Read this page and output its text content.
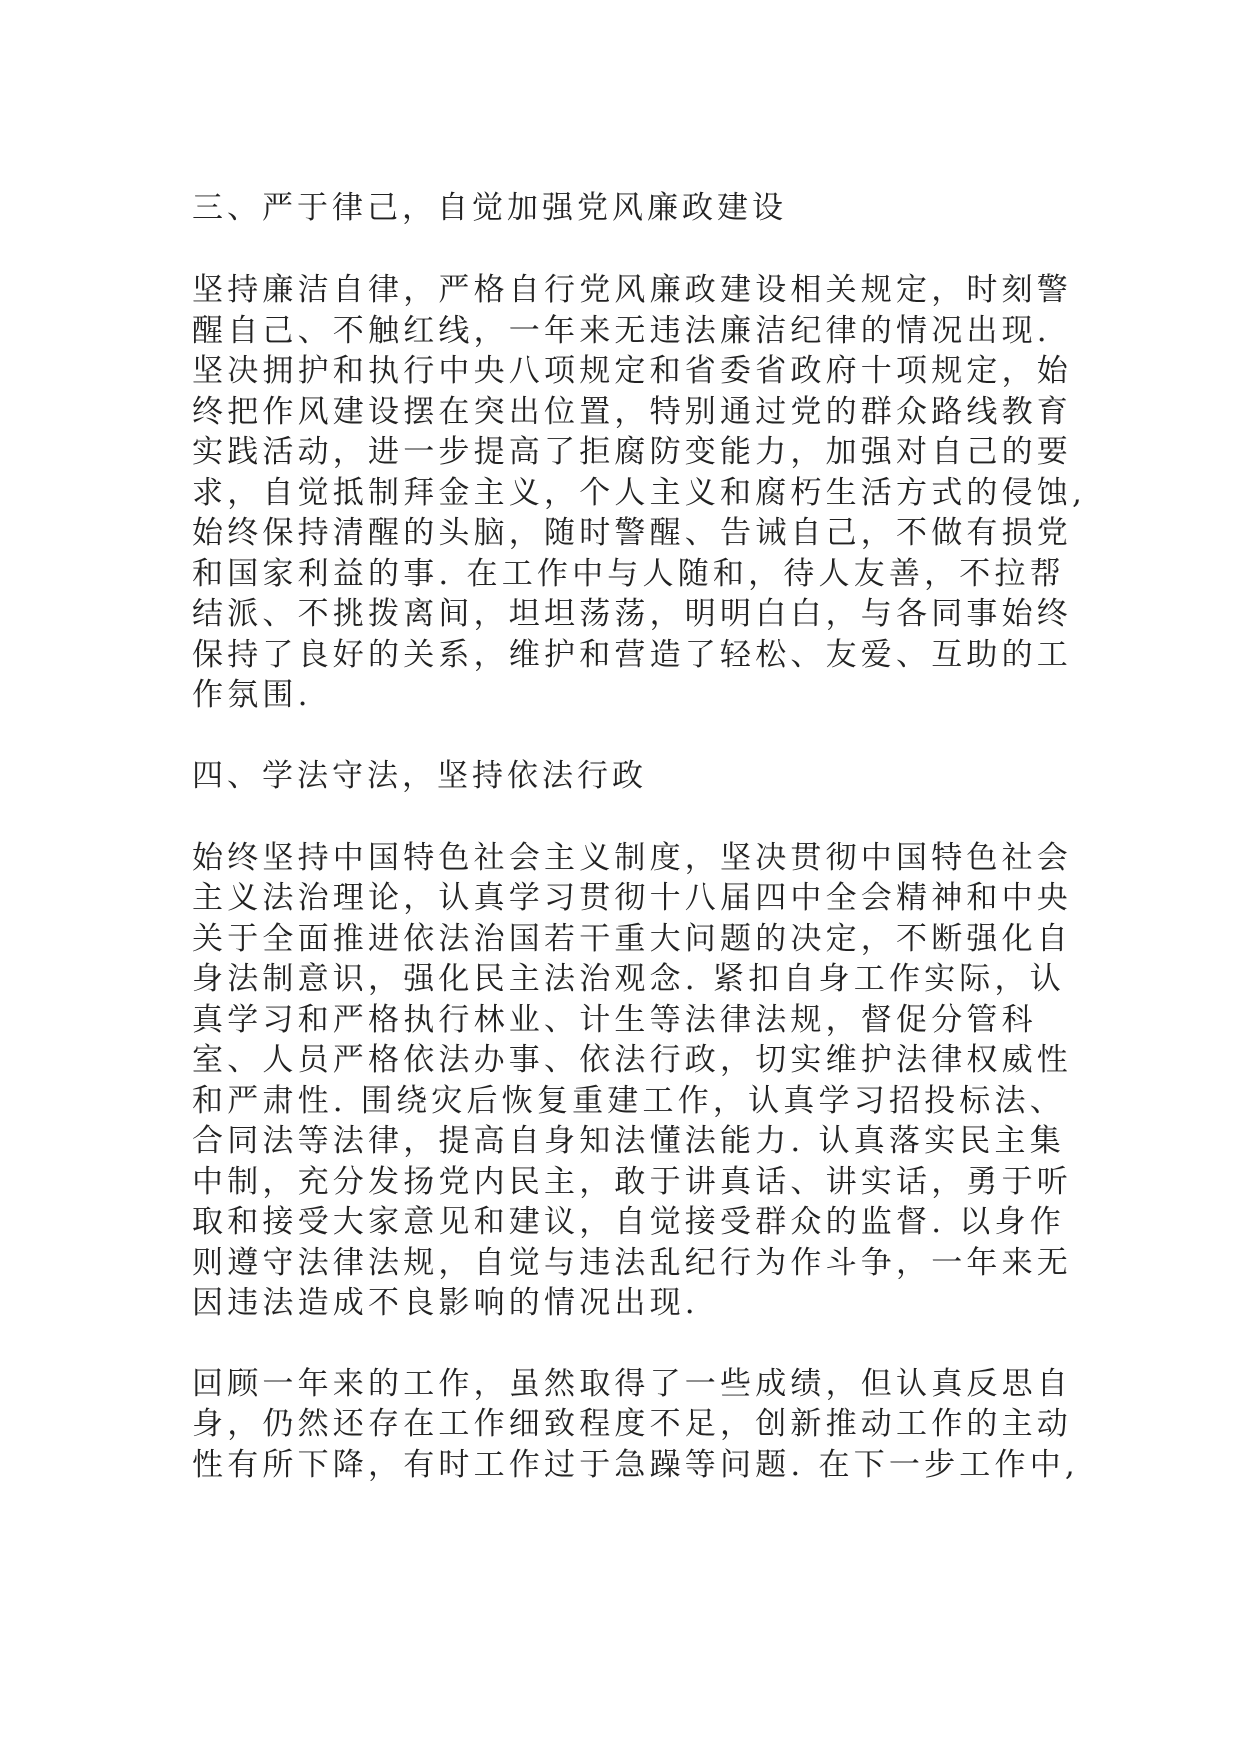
三、严于律己，自觉加强党风廉政建设
坚持廉洁自律，严格自行党风廉政建设相关规定，时刻警
醒自己、不触红线，一年来无违法廉洁纪律的情况出现.
坚决拥护和执行中央八项规定和省委省政府十项规定，始
终把作风建设摆在突出位置，特别通过党的群众路线教育
实践活动，进一步提高了拒腐防变能力，加强对自己的要
求，自觉抵制拜金主义，个人主义和腐朽生活方式的侵蚀,
始终保持清醒的头脑，随时警醒、告诫自己，不做有损党
和国家利益的事. 在工作中与人随和，待人友善，不拉帮
结派、不挑拨离间，坦坦荡荡，明明白白，与各同事始终
保持了良好的关系，维护和营造了轻松、友爱、互助的工
作氛围.
四、学法守法，坚持依法行政
始终坚持中国特色社会主义制度，坚决贯彻中国特色社会
主义法治理论，认真学习贯彻十八届四中全会精神和中央
关于全面推进依法治国若干重大问题的决定，不断强化自
身法制意识，强化民主法治观念. 紧扣自身工作实际，认
真学习和严格执行林业、计生等法律法规，督促分管科
室、人员严格依法办事、依法行政，切实维护法律权威性
和严肃性. 围绕灾后恢复重建工作，认真学习招投标法、
合同法等法律，提高自身知法懂法能力. 认真落实民主集
中制，充分发扬党内民主，敢于讲真话、讲实话，勇于听
取和接受大家意见和建议，自觉接受群众的监督. 以身作
则遵守法律法规，自觉与违法乱纪行为作斗争，一年来无
因违法造成不良影响的情况出现.
回顾一年来的工作，虽然取得了一些成绩，但认真反思自
身，仍然还存在工作细致程度不足，创新推动工作的主动
性有所下降，有时工作过于急躁等问题. 在下一步工作中,
